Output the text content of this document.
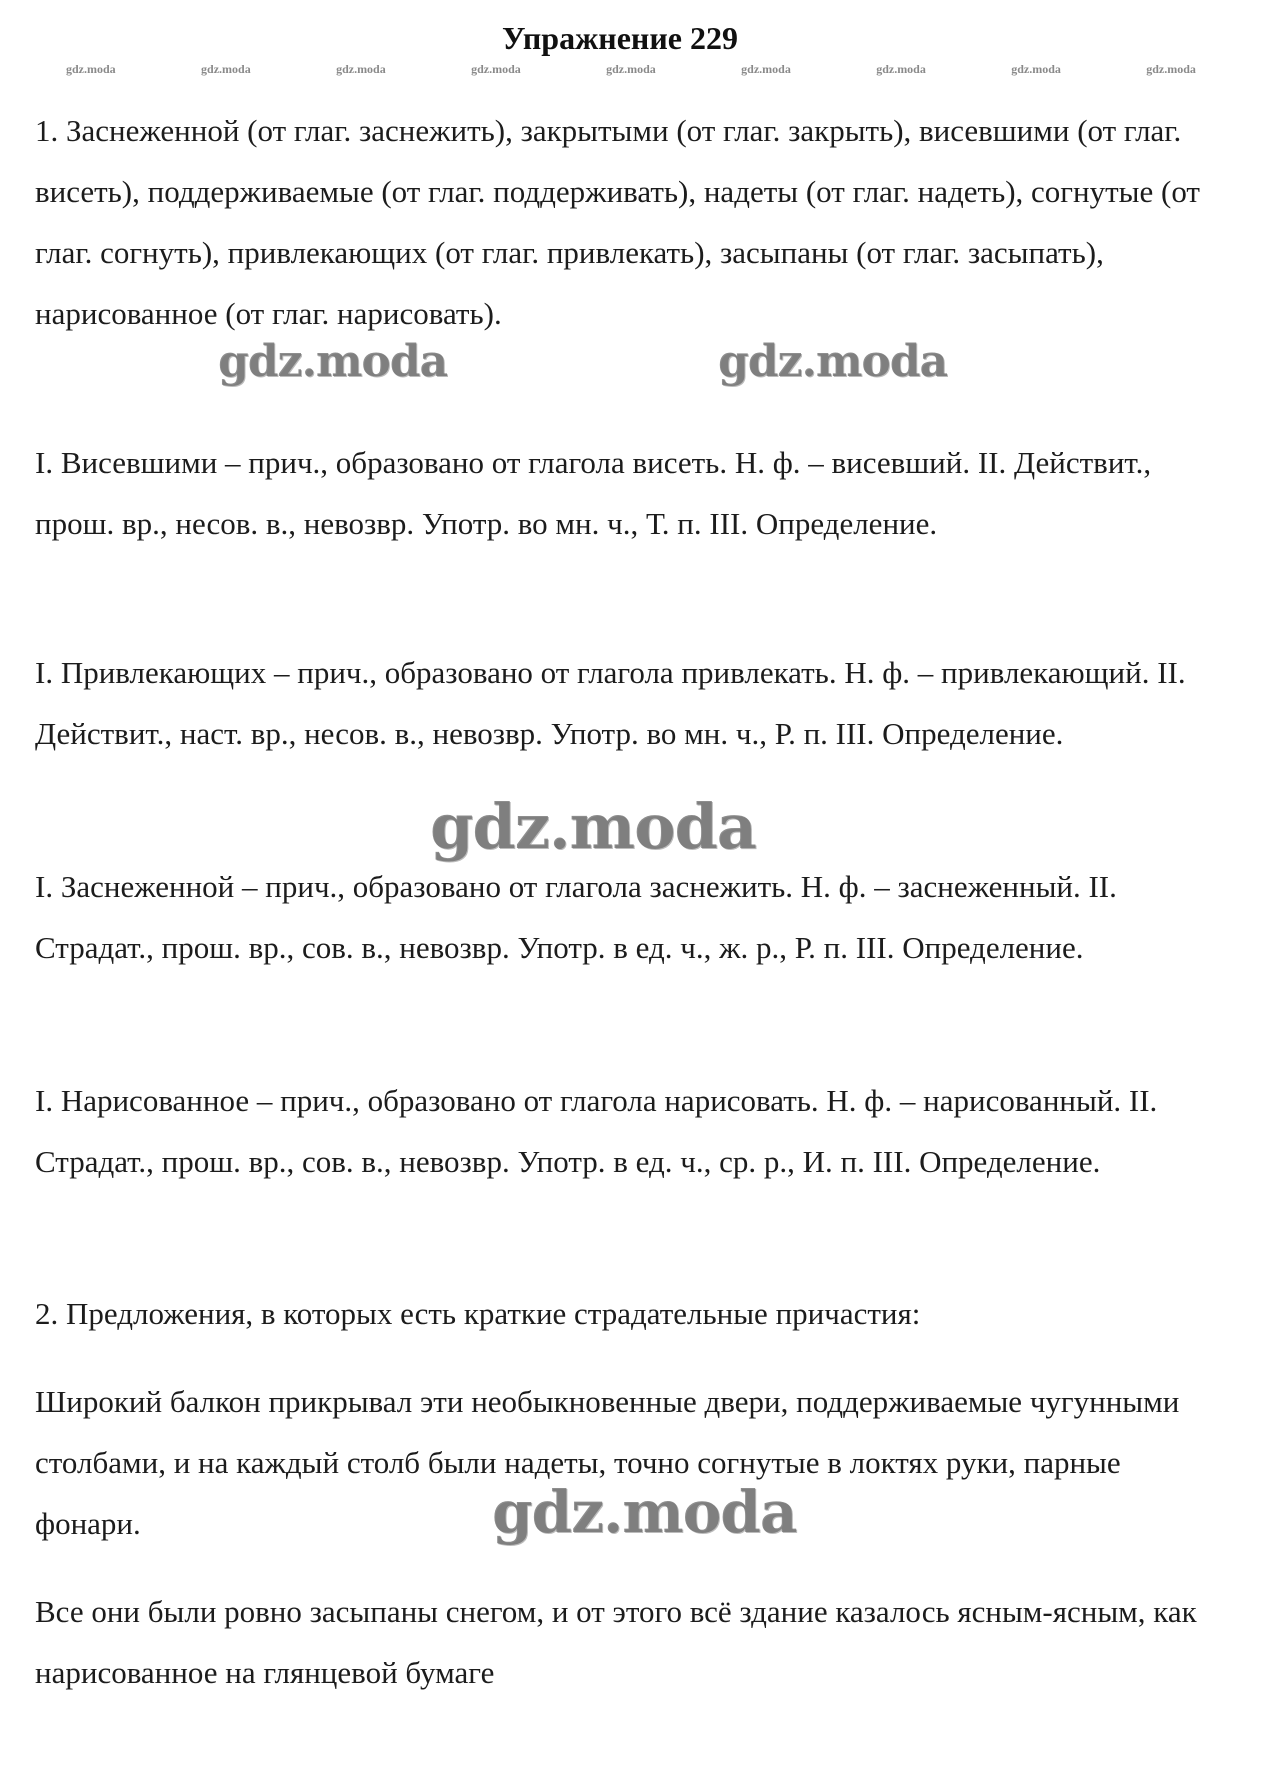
Упражнение 229
gdz.moda	gdz.moda	gdz.moda	gdz.moda	gdz.moda	gdz.moda	gdz.moda	gdz.moda	gdz.moda

1. Заснеженной (от глаг. заснежить), закрытыми (от глаг. закрыть), висевшими (от глаг. висеть), поддерживаемые (от глаг. поддерживать), надеты (от глаг. надеть), согнутые (от глаг. согнуть), привлекающих (от глаг. привлекать), засыпаны (от глаг. засыпать), нарисованное (от глаг. нарисовать).

I. Висевшими – прич., образовано от глагола висеть. Н. ф. – висевший. II. Действит., прош. вр., несов. в., невозвр. Употр. во мн. ч., Т. п. III. Определение.

I. Привлекающих – прич., образовано от глагола привлекать. Н. ф. – привлекающий. II. Действит., наст. вр., несов. в., невозвр. Употр. во мн. ч., Р. п. III. Определение.

I. Заснеженной – прич., образовано от глагола заснежить. Н. ф. – заснеженный. II. Страдат., прош. вр., сов. в., невозвр. Употр. в ед. ч., ж. р., Р. п. III. Определение.

I. Нарисованное – прич., образовано от глагола нарисовать. Н. ф. – нарисованный. II. Страдат., прош. вр., сов. в., невозвр. Употр. в ед. ч., ср. р., И. п. III. Определение.

2. Предложения, в которых есть краткие страдательные причастия:

Широкий балкон прикрывал эти необыкновенные двери, поддерживаемые чугунными столбами, и на каждый столб были надеты, точно согнутые в локтях руки, парные фонари.

Все они были ровно засыпаны снегом, и от этого всё здание казалось ясным-ясным, как нарисованное на глянцевой бумаге

gdz.moda	gdz.moda
gdz.moda
gdz.moda
